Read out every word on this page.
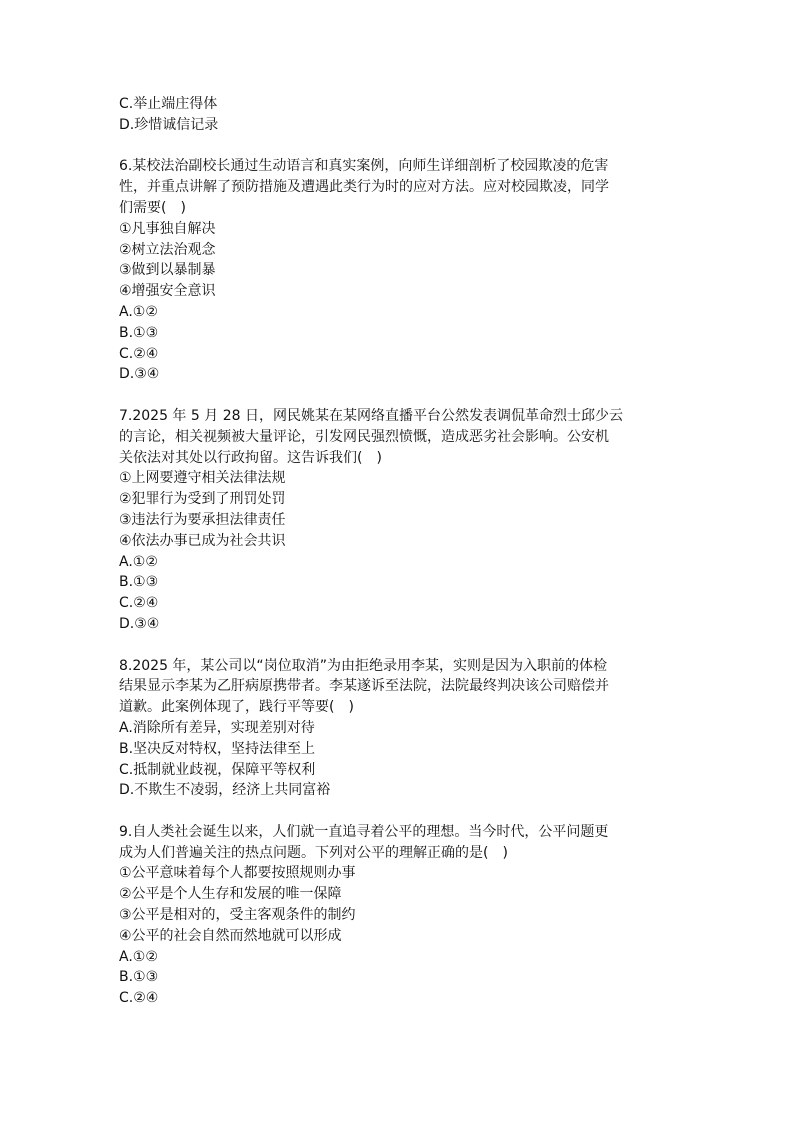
C.举止端庄得体
D.珍惜诚信记录
6.某校法治副校长通过生动语言和真实案例，向师生详细剖析了校园欺凌的危害
性，并重点讲解了预防措施及遭遇此类行为时的应对方法。应对校园欺凌，同学
们需要(　)
①凡事独自解决
②树立法治观念
③做到以暴制暴
④增强安全意识
A.①②
B.①③
C.②④
D.③④
7.2025 年 5 月 28 日，网民姚某在某网络直播平台公然发表调侃革命烈士邱少云
的言论，相关视频被大量评论，引发网民强烈愤慨，造成恶劣社会影响。公安机
关依法对其处以行政拘留。这告诉我们(　)
①上网要遵守相关法律法规
②犯罪行为受到了刑罚处罚
③违法行为要承担法律责任
④依法办事已成为社会共识
A.①②
B.①③
C.②④
D.③④
8.2025 年，某公司以“岗位取消”为由拒绝录用李某，实则是因为入职前的体检
结果显示李某为乙肝病原携带者。李某遂诉至法院，法院最终判决该公司赔偿并
道歉。此案例体现了，践行平等要(　)
A.消除所有差异，实现差别对待
B.坚决反对特权，坚持法律至上
C.抵制就业歧视，保障平等权利
D.不欺生不凌弱，经济上共同富裕
9.自人类社会诞生以来，人们就一直追寻着公平的理想。当今时代，公平问题更
成为人们普遍关注的热点问题。下列对公平的理解正确的是(　)
①公平意味着每个人都要按照规则办事
②公平是个人生存和发展的唯一保障
③公平是相对的，受主客观条件的制约
④公平的社会自然而然地就可以形成
A.①②
B.①③
C.②④
